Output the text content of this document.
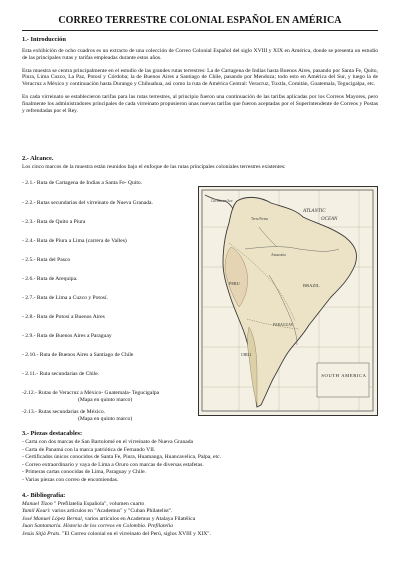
CORREO TERRESTRE COLONIAL ESPAÑOL EN AMÉRICA
1.- Introducción

Esta exhibición de ocho cuadros es un extracto de una colección de Correo Colonial Español del siglo XVIII y XIX en América, donde se presenta un estudio de las principales rutas y tarifas empleadas durante estos años.

Esta muestra se centra principalmente en el estudio de las grandes rutas terrestres: La de Cartagena de Indias hasta Buenos Aires, pasando por Santa Fe, Quito, Piura, Lima Cuzco, La Paz, Potosí y Córdoba; la de Buenos Aires a Santiago de Chile, pasando por Mendoza; todo esto en América del Sur, y luego la de Veracruz a México y continuación hasta Durango y Chihuahua, así como la ruta de América Central: Veracruz, Tuxtla, Comitán, Guatemala, Tegucigalpa, etc.

En cada virreinato se establecieron tarifas para las rutas terrestres, al principio fueron una continuación de las tarifas aplicadas por los Correos Mayores, pero finalmente los administradores principales de cada virreinato propusieron unas nuevas tarifas que fueron aceptadas por el Superintendente de Correos y Postas y refrendadas por el Rey.

2.- Alcance.
Los cinco marcos de la muestra están reunidos bajo el enfoque de las rutas principales coloniales terrestres existentes:
- 2.1.- Ruta de Cartagena de Indias a Santa Fe- Quito.
- 2.2.- Rutas secundarias del virreinato de Nueva Granada.
- 2.3.- Ruta de Quito a Piura
- 2.4.- Ruta de Piura a Lima (carrera de Valles)
- 2.5.- Ruta del Pasco
- 2.6.- Ruta de Arequipa.
- 2.7.- Ruta de Lima a Cuzco y Potosí.
- 2.8.- Ruta de Potosí a Buenos Aires
- 2.9.- Ruta de Buenos Aires a Paraguay
- 2.10.- Ruta de Buenos Aires a Santiago de Chile
- 2.11.- Ruta secundarias de Chile.
-2.12.- Rutas de Veracruz a México- Guatemala- Tegucigalpa
(Mapa en quinto marco)
-2.13.- Rutas secundarias de México.
(Mapa en quinto marco)
ATLANTIC
OCEAN
Caribbean Sea
Terra Firma
Amazonia
PERU	BRAZIL
PARAGUAY
CHILI
SOUTH AMERICA
3.- Piezas destacables:
- Carta con dos marcas de San Bartolomé en el virreinato de Nueva Granada
- Carta de Panamá con la marca patriótica de Fernando VII.
- Certificados únicos conocidos de Santa Fe, Piura, Huamanga, Huancavelica, Palpa, etc.
- Correo extraordinario y vaya de Lima a Oruro con marcas de diversas estafetas.
- Primeras cartas conocidas de Lima, Paraguay y Chile.
- Varias piezas con correo de encomiendas.
4.- Bibliografía:
Manuel Tizon " Prefilatelia Española", volumen cuarto
Yamil Kouri: varios artículos en "Academus" y "Cuban Philatelist".
José Manuel López Bernal, varios artículos en Academus y Atalaya Filatélica
Juan Santamaría. Historia de los correos en Colombia. Prefilatelia
Jesús Sitjà Prats. "El Correo colonial en el virreinato del Perú, siglos XVIII y XIX".
